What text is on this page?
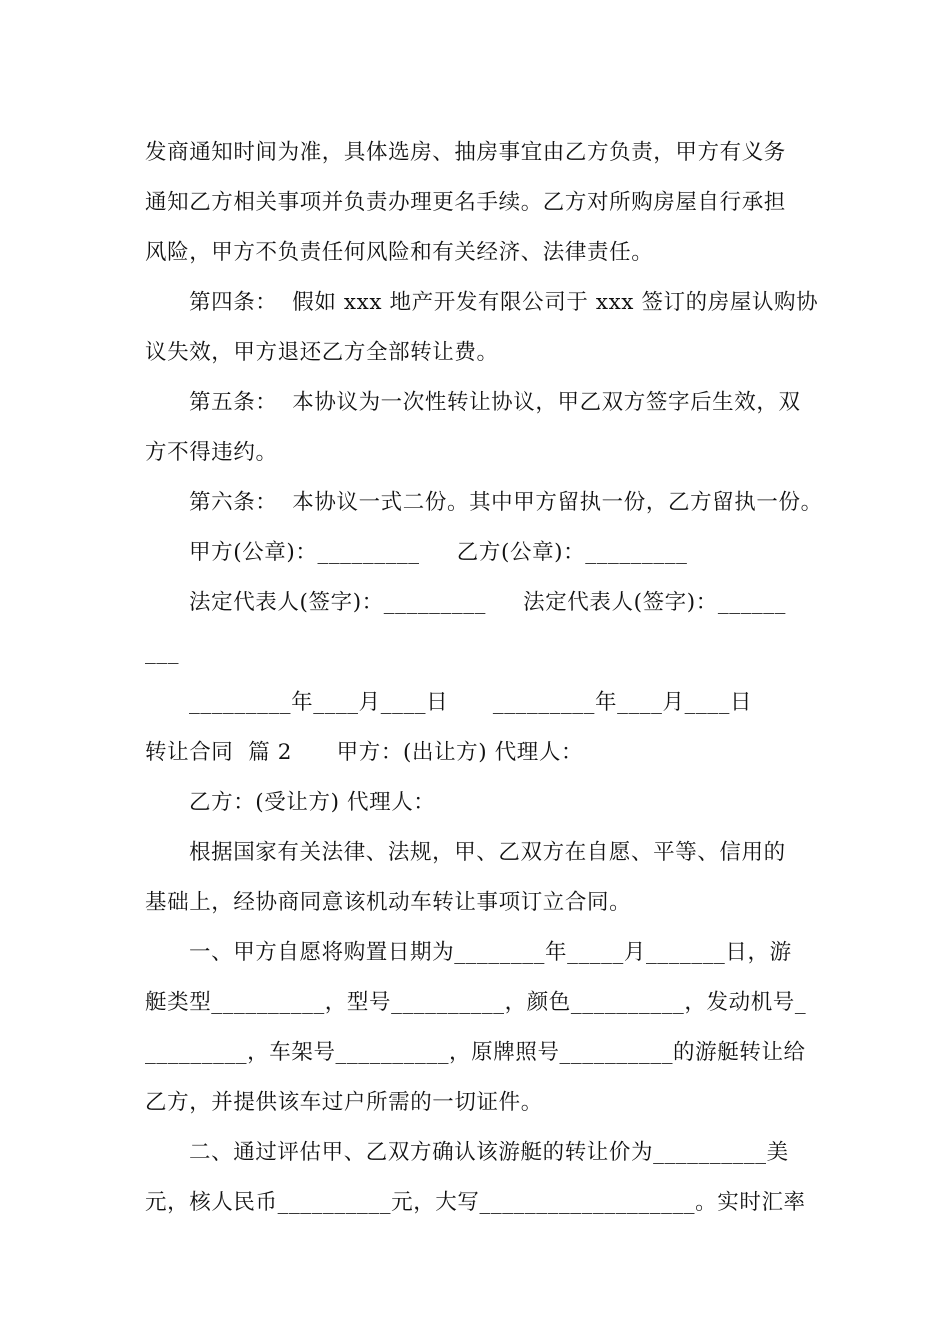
发商通知时间为准，具体选房、抽房事宜由乙方负责，甲方有义务
通知乙方相关事项并负责办理更名手续。乙方对所购房屋自行承担
风险，甲方不负责任何风险和有关经济、法律责任。
第四条：  假如 xxx 地产开发有限公司于 xxx 签订的房屋认购协
议失效，甲方退还乙方全部转让费。
第五条：  本协议为一次性转让协议，甲乙双方签字后生效，双
方不得违约。
第六条：  本协议一式二份。其中甲方留执一份，乙方留执一份。
甲方(公章)：_________     乙方(公章)：_________
法定代表人(签字)：_________     法定代表人(签字)：______
___
_________年____月____日      _________年____月____日
转让合同  篇 2      甲方：(出让方) 代理人：
乙方：(受让方) 代理人：
根据国家有关法律、法规，甲、乙双方在自愿、平等、信用的
基础上，经协商同意该机动车转让事项订立合同。
一、甲方自愿将购置日期为________年_____月_______日，游
艇类型__________，型号__________，颜色__________，发动机号_
_________，车架号__________，原牌照号__________的游艇转让给
乙方，并提供该车过户所需的一切证件。
二、通过评估甲、乙双方确认该游艇的转让价为__________美
元，核人民币__________元，大写___________________。实时汇率
